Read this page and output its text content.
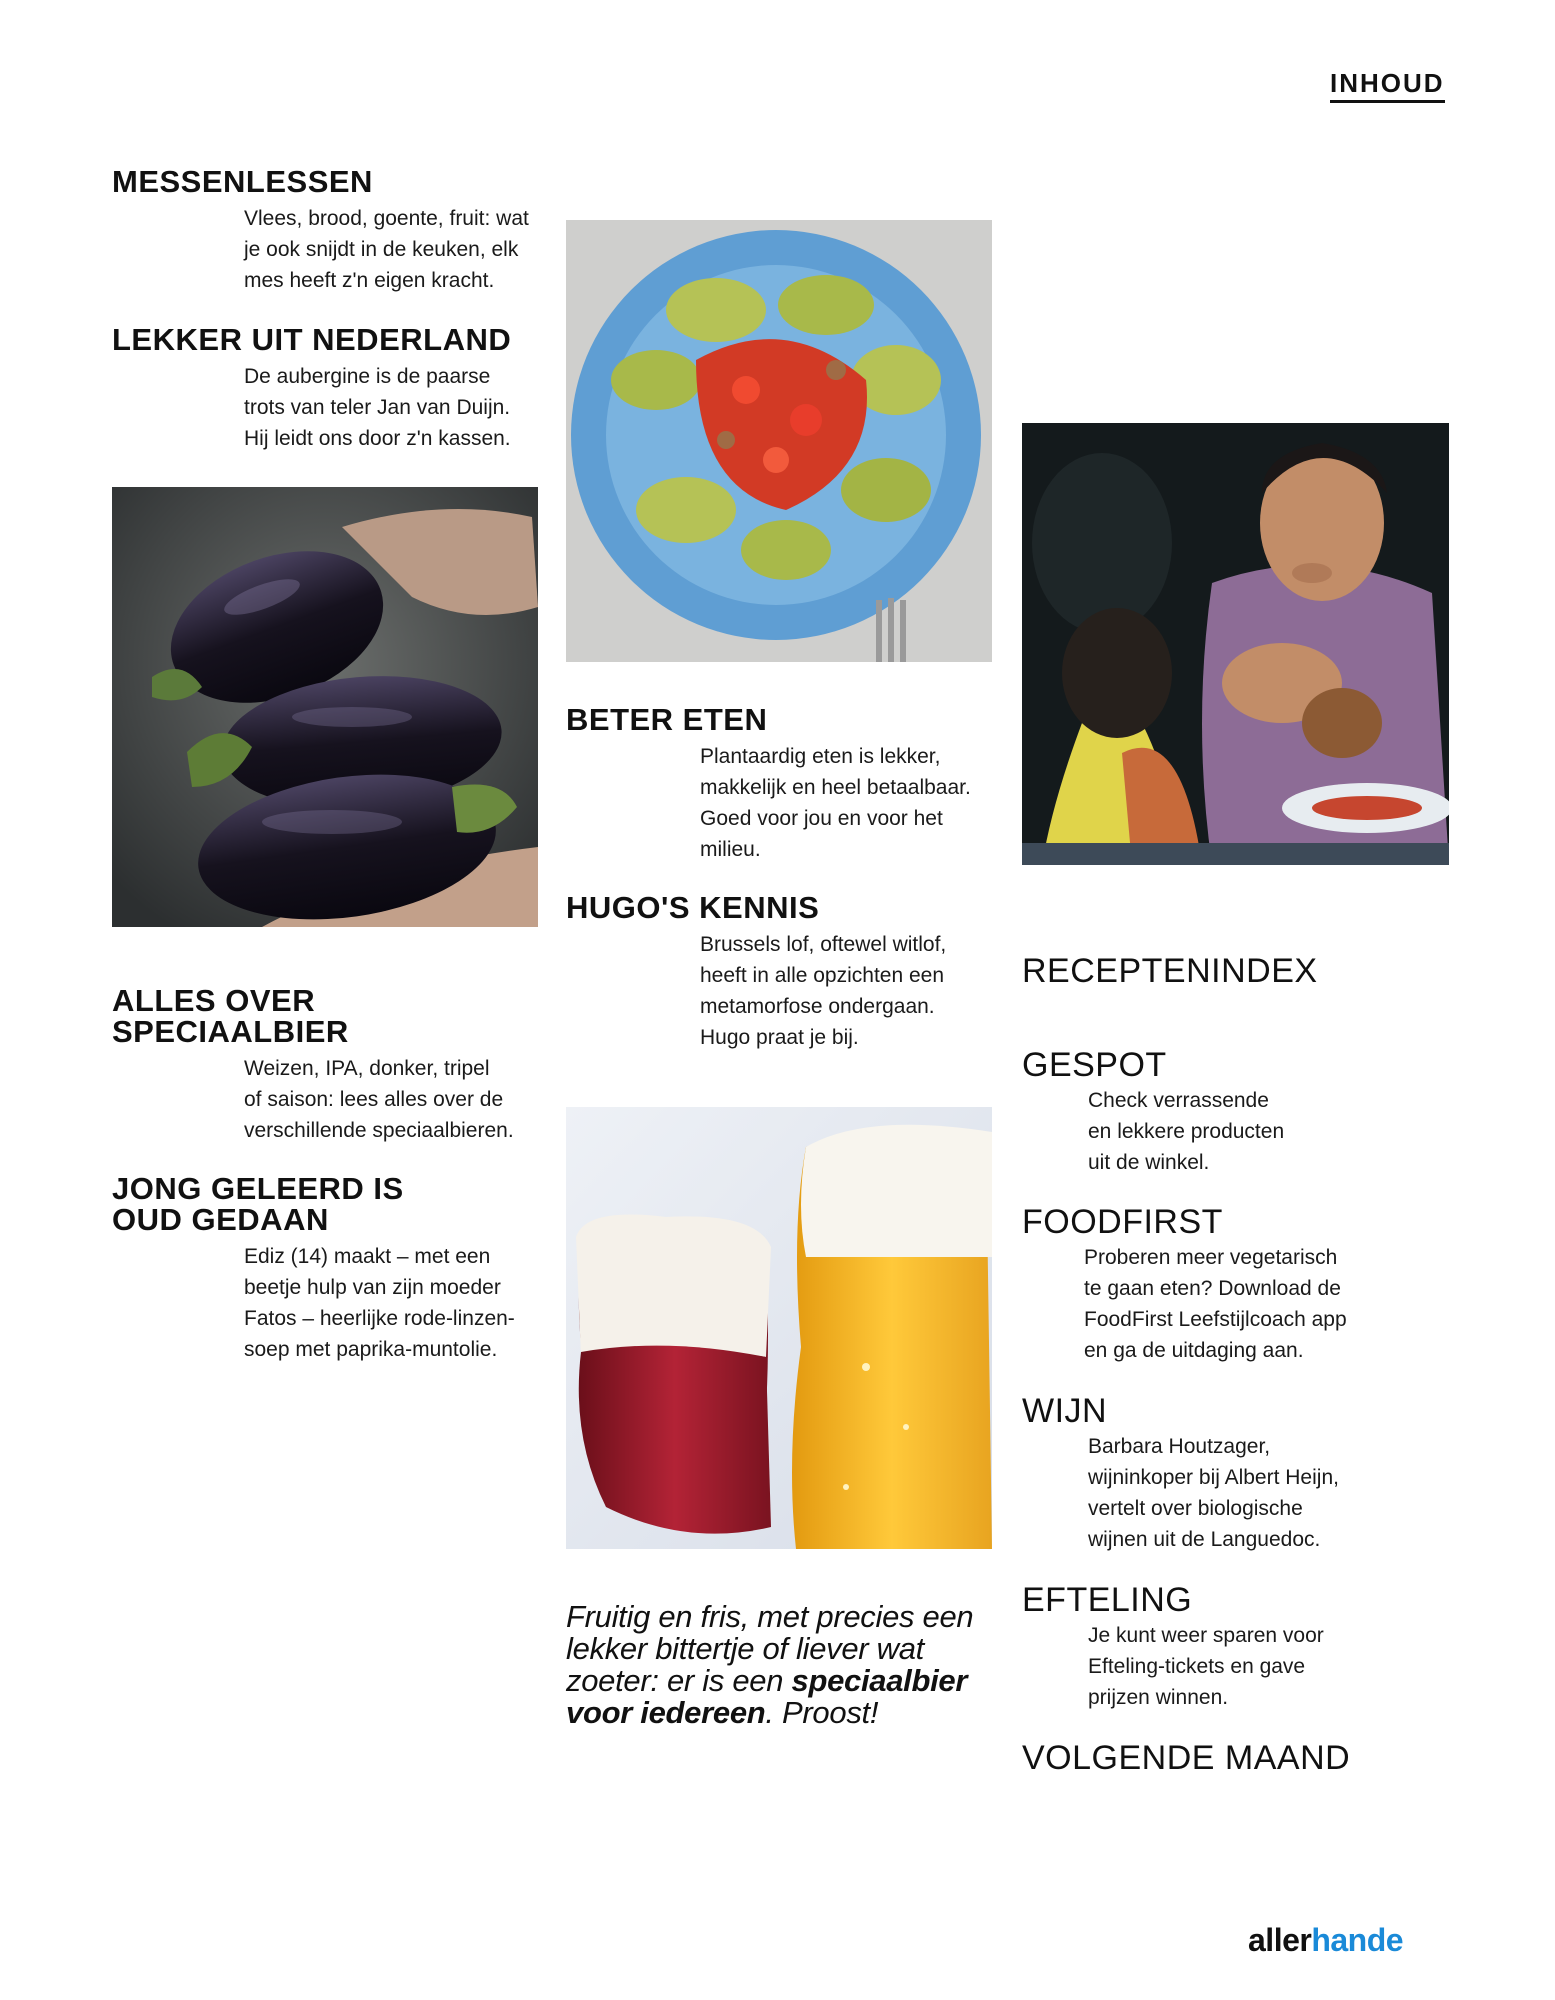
INHOUD
MESSENLESSEN
Vlees, brood, goente, fruit: wat
je ook snijdt in de keuken, elk
mes heeft z'n eigen kracht.
LEKKER UIT NEDERLAND
De aubergine is de paarse
trots van teler Jan van Duijn.
Hij leidt ons door z'n kassen.
ALLES OVER
SPECIAALBIER
Weizen, IPA, donker, tripel
of saison: lees alles over de
verschillende speciaalbieren.
JONG GELEERD IS
OUD GEDAAN
Ediz (14) maakt – met een
beetje hulp van zijn moeder
Fatos – heerlijke rode-linzen-
soep met paprika-muntolie.
BETER ETEN
Plantaardig eten is lekker,
makkelijk en heel betaalbaar.
Goed voor jou en voor het
milieu.
HUGO'S KENNIS
Brussels lof, oftewel witlof,
heeft in alle opzichten een
metamorfose ondergaan.
Hugo praat je bij.
Fruitig en fris, met precies een lekker bittertje of liever wat zoeter: er is een speciaalbier voor iedereen. Proost!
RECEPTENINDEX
GESPOT
Check verrassende
en lekkere producten
uit de winkel.
FOODFIRST
Proberen meer vegetarisch
te gaan eten? Download de
FoodFirst Leefstijlcoach app
en ga de uitdaging aan.
WIJN
Barbara Houtzager,
wijninkoper bij Albert Heijn,
vertelt over biologische
wijnen uit de Languedoc.
EFTELING
Je kunt weer sparen voor
Efteling-tickets en gave
prijzen winnen.
VOLGENDE MAAND
allerhande
